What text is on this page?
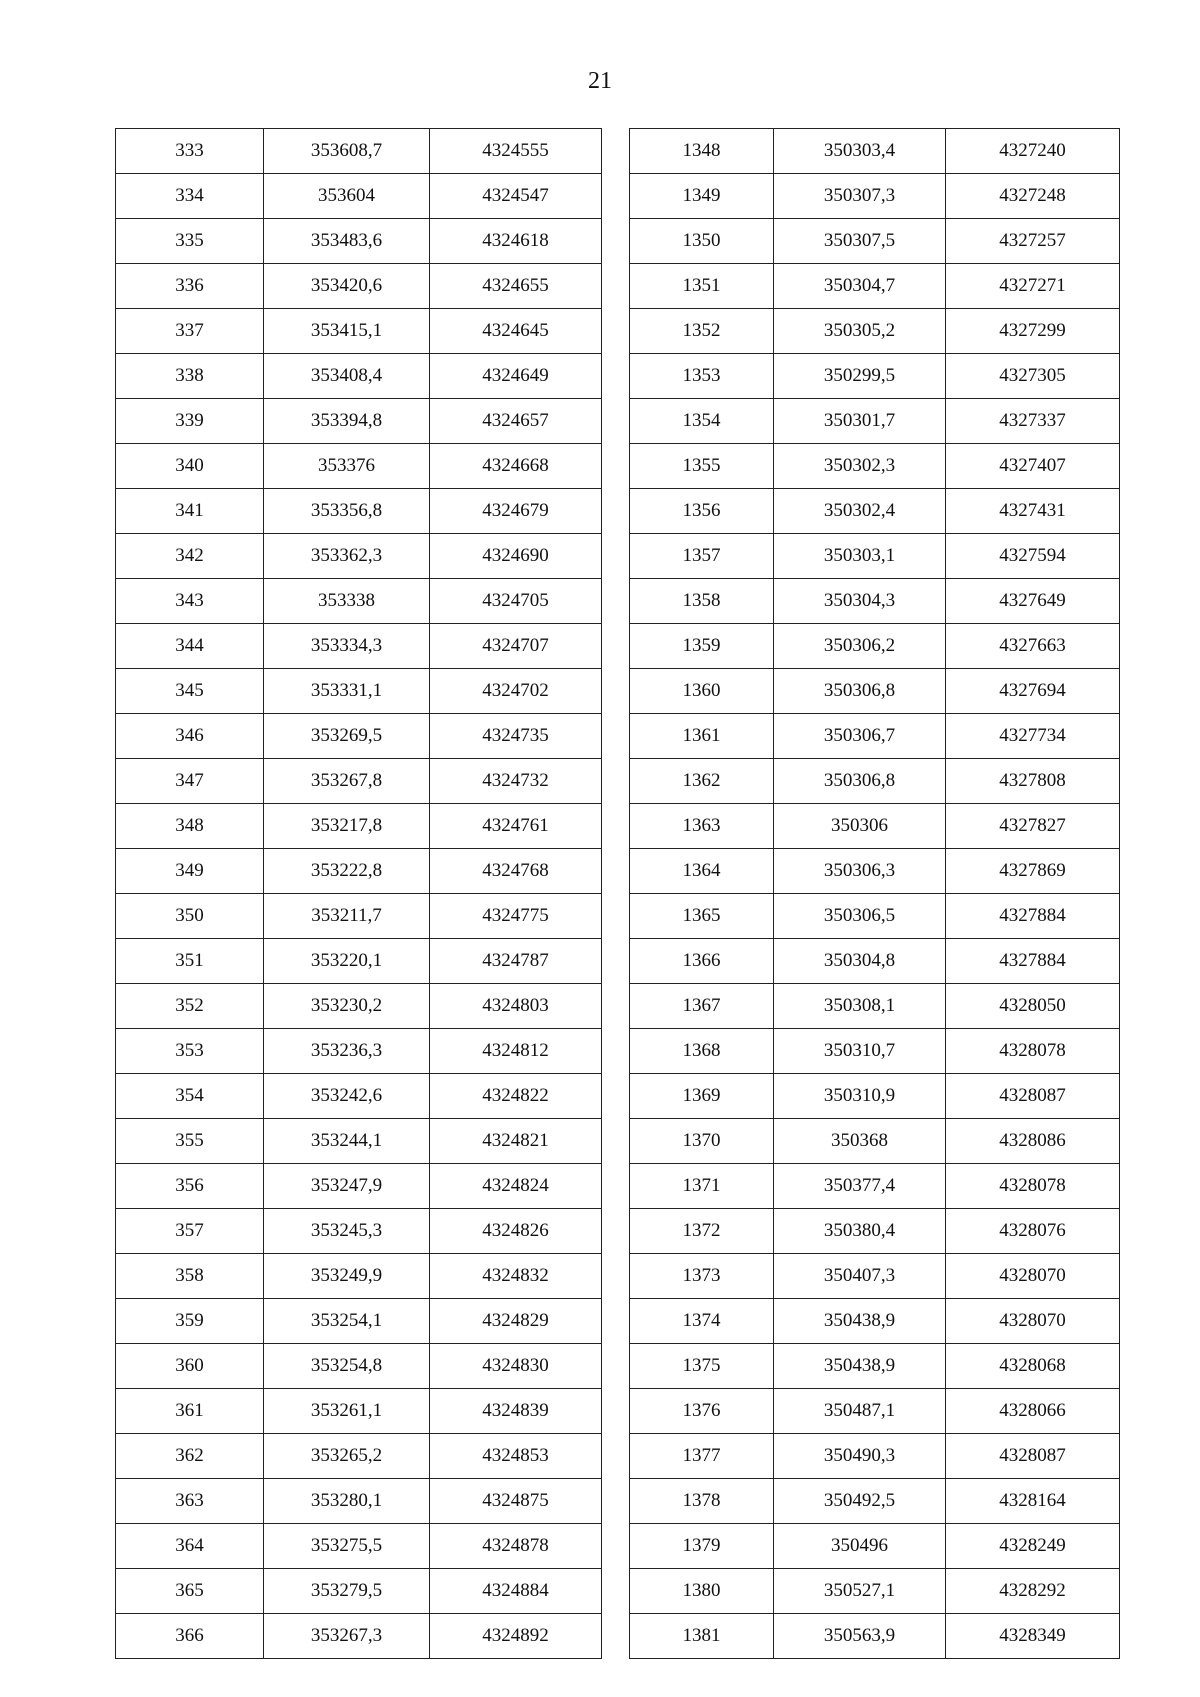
21
333	353608,7	4324555		1348	350303,4	4327240
334	353604	4324547		1349	350307,3	4327248
335	353483,6	4324618		1350	350307,5	4327257
336	353420,6	4324655		1351	350304,7	4327271
337	353415,1	4324645		1352	350305,2	4327299
338	353408,4	4324649		1353	350299,5	4327305
339	353394,8	4324657		1354	350301,7	4327337
340	353376	4324668		1355	350302,3	4327407
341	353356,8	4324679		1356	350302,4	4327431
342	353362,3	4324690		1357	350303,1	4327594
343	353338	4324705		1358	350304,3	4327649
344	353334,3	4324707		1359	350306,2	4327663
345	353331,1	4324702		1360	350306,8	4327694
346	353269,5	4324735		1361	350306,7	4327734
347	353267,8	4324732		1362	350306,8	4327808
348	353217,8	4324761		1363	350306	4327827
349	353222,8	4324768		1364	350306,3	4327869
350	353211,7	4324775		1365	350306,5	4327884
351	353220,1	4324787		1366	350304,8	4327884
352	353230,2	4324803		1367	350308,1	4328050
353	353236,3	4324812		1368	350310,7	4328078
354	353242,6	4324822		1369	350310,9	4328087
355	353244,1	4324821		1370	350368	4328086
356	353247,9	4324824		1371	350377,4	4328078
357	353245,3	4324826		1372	350380,4	4328076
358	353249,9	4324832		1373	350407,3	4328070
359	353254,1	4324829		1374	350438,9	4328070
360	353254,8	4324830		1375	350438,9	4328068
361	353261,1	4324839		1376	350487,1	4328066
362	353265,2	4324853		1377	350490,3	4328087
363	353280,1	4324875		1378	350492,5	4328164
364	353275,5	4324878		1379	350496	4328249
365	353279,5	4324884		1380	350527,1	4328292
366	353267,3	4324892		1381	350563,9	4328349
